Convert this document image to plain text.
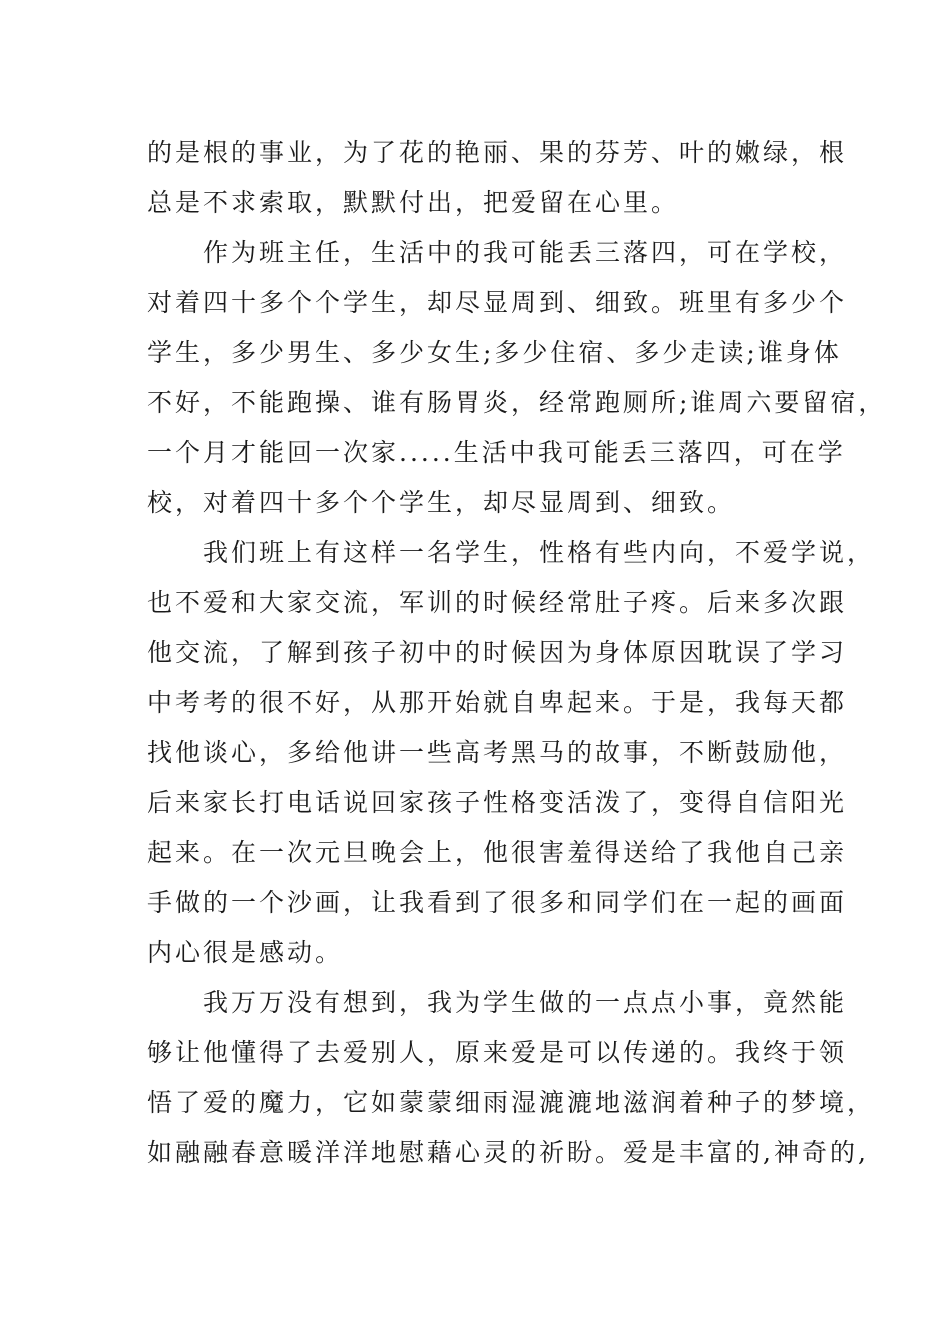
的是根的事业，为了花的艳丽、果的芬芳、叶的嫩绿，根
总是不求索取，默默付出，把爱留在心里。
　　作为班主任，生活中的我可能丢三落四，可在学校，
对着四十多个个学生，却尽显周到、细致。班里有多少个
学生，多少男生、多少女生;多少住宿、多少走读;谁身体
不好，不能跑操、谁有肠胃炎，经常跑厕所;谁周六要留宿，
一个月才能回一次家.....生活中我可能丢三落四，可在学
校，对着四十多个个学生，却尽显周到、细致。
　　我们班上有这样一名学生，性格有些内向，不爱学说，
也不爱和大家交流，军训的时候经常肚子疼。后来多次跟
他交流，了解到孩子初中的时候因为身体原因耽误了学习
中考考的很不好，从那开始就自卑起来。于是，我每天都
找他谈心，多给他讲一些高考黑马的故事，不断鼓励他，
后来家长打电话说回家孩子性格变活泼了，变得自信阳光
起来。在一次元旦晚会上，他很害羞得送给了我他自己亲
手做的一个沙画，让我看到了很多和同学们在一起的画面
内心很是感动。
　　我万万没有想到，我为学生做的一点点小事，竟然能
够让他懂得了去爱别人，原来爱是可以传递的。我终于领
悟了爱的魔力，它如蒙蒙细雨湿漉漉地滋润着种子的梦境，
如融融春意暖洋洋地慰藉心灵的祈盼。爱是丰富的,神奇的,
